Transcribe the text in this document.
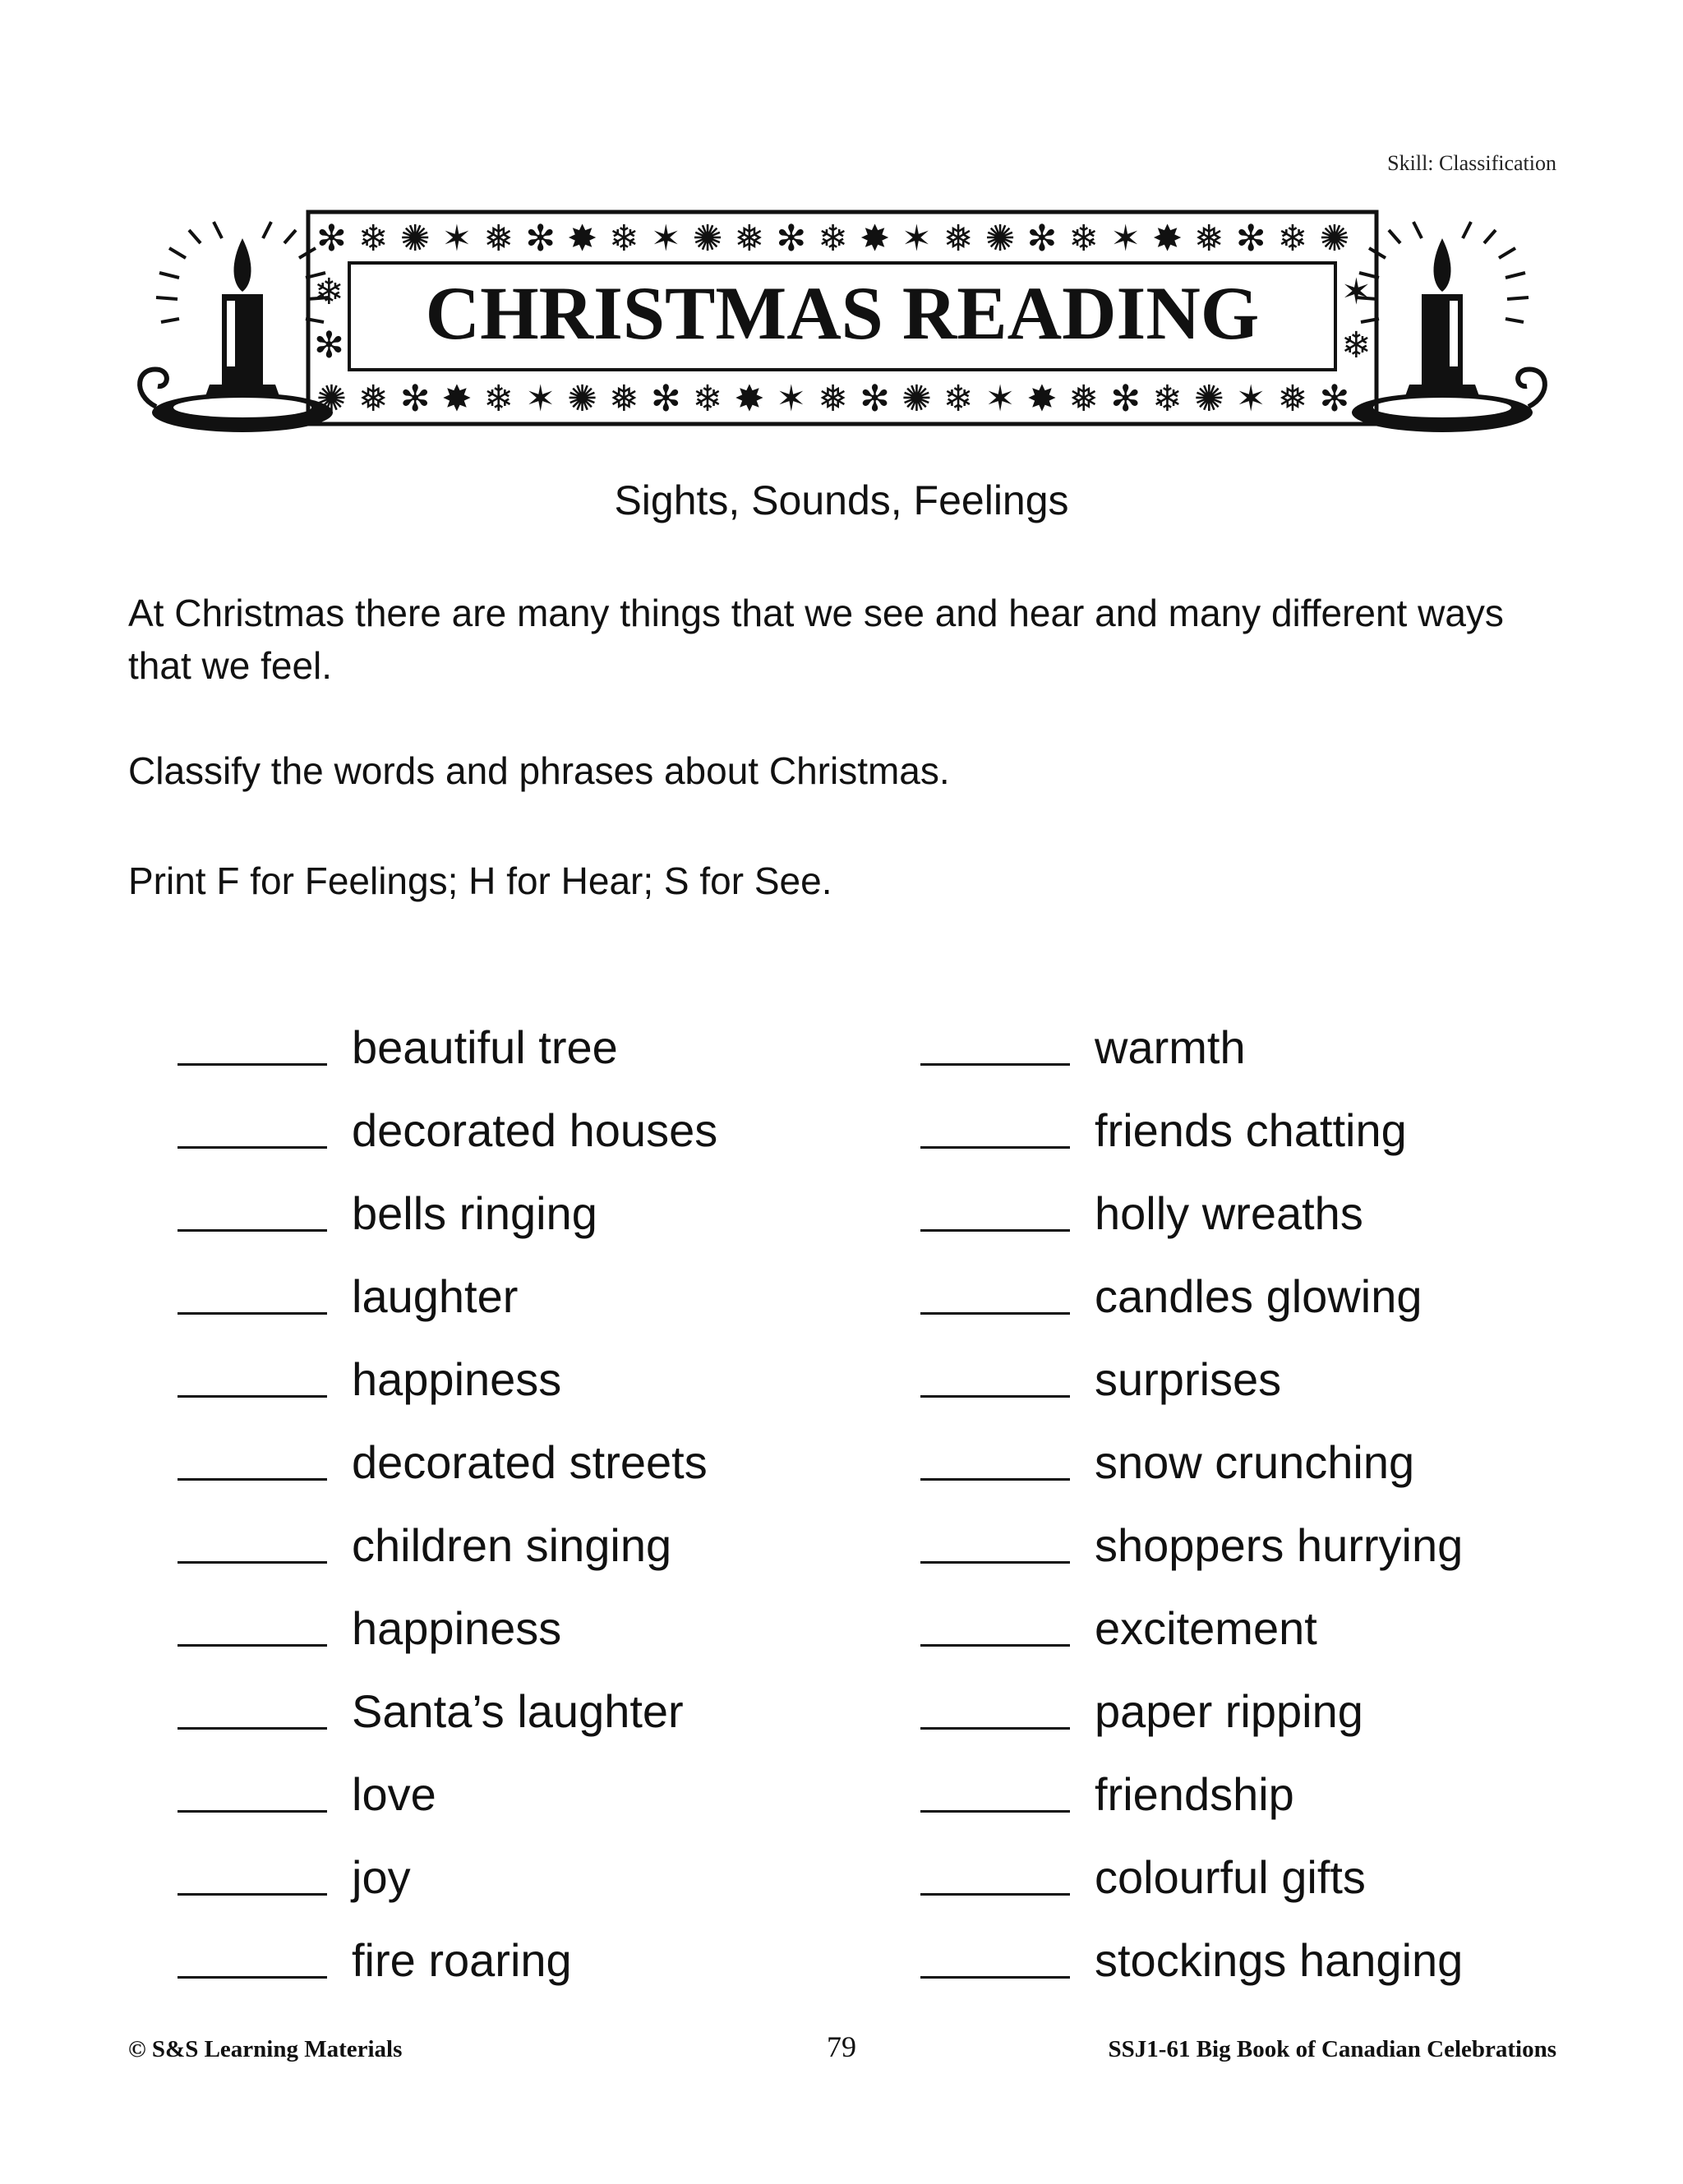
Skill: Classification
✻ ❄ ✺ ✶ ❅ ✻ ✸ ❄ ✶ ✺ ❅ ✻ ❄ ✸ ✶ ❅ ✺ ✻ ❄ ✶ ✸ ❅ ✻ ❄ ✺
✺ ❅ ✻ ✸ ❄ ✶ ✺ ❅ ✻ ❄ ✸ ✶ ❅ ✻ ✺ ❄ ✶ ✸ ❅ ✻ ❄ ✺ ✶ ❅ ✻
❄
✻
✶
❄
CHRISTMAS READING
Sights, Sounds, Feelings
At Christmas there are many things that we see and hear and many different ways that we feel.
Classify the words and phrases about Christmas.
Print F for Feelings; H for Hear; S for See.
beautiful tree
decorated houses
bells ringing
laughter
happiness
decorated streets
children singing
happiness
Santa’s laughter
love
joy
fire roaring
warmth
friends chatting
holly wreaths
candles glowing
surprises
snow crunching
shoppers hurrying
excitement
paper ripping
friendship
colourful gifts
stockings hanging
© S&S Learning Materials	79	SSJ1-61 Big Book of Canadian Celebrations
